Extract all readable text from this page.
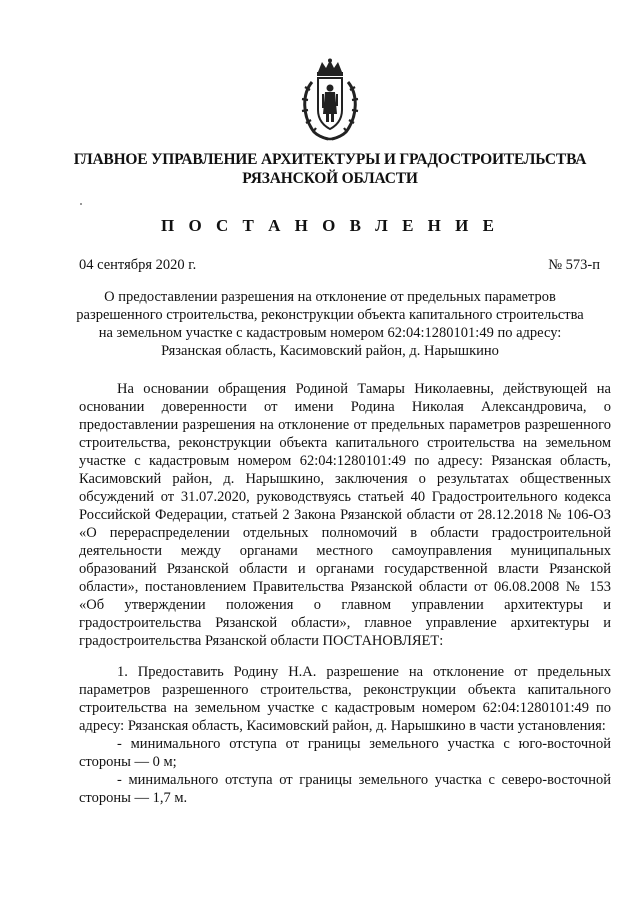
ГЛАВНОЕ УПРАВЛЕНИЕ АРХИТЕКТУРЫ И ГРАДОСТРОИТЕЛЬСТВА
РЯЗАНСКОЙ ОБЛАСТИ
П О С Т А Н О В Л Е Н И Е
04 сентября 2020 г.	№ 573-п
О предоставлении разрешения на отклонение от предельных параметров
разрешенного строительства, реконструкции объекта капитального строительства
на земельном участке с кадастровым номером 62:04:1280101:49 по адресу:
Рязанская область, Касимовский район, д. Нарышкино

На основании обращения Родиной Тамары Николаевны, действующей на основании доверенности от имени Родина Николая Александровича, о предоставлении разрешения на отклонение от предельных параметров разрешенного строительства, реконструкции объекта капитального строительства на земельном участке с кадастровым номером 62:04:1280101:49 по адресу: Рязанская область, Касимовский район, д. Нарышкино, заключения о результатах общественных обсуждений от 31.07.2020, руководствуясь статьей 40 Градостроительного кодекса Российской Федерации, статьей 2 Закона Рязанской области от 28.12.2018 № 106-ОЗ «О перераспределении отдельных полномочий в области градостроительной деятельности между органами местного самоуправления муниципальных образований Рязанской области и органами государственной власти Рязанской области», постановлением Правительства Рязанской области от 06.08.2008 № 153 «Об утверждении положения о главном управлении архитектуры и градостроительства Рязанской области», главное управление архитектуры и градостроительства Рязанской области ПОСТАНОВЛЯЕТ:

1. Предоставить Родину Н.А. разрешение на отклонение от предельных параметров разрешенного строительства, реконструкции объекта капитального строительства на земельном участке с кадастровым номером 62:04:1280101:49 по адресу: Рязанская область, Касимовский район, д. Нарышкино в части установления:

- минимального отступа от границы земельного участка с юго-восточной стороны — 0 м;

- минимального отступа от границы земельного участка с северо-восточной стороны — 1,7 м.
